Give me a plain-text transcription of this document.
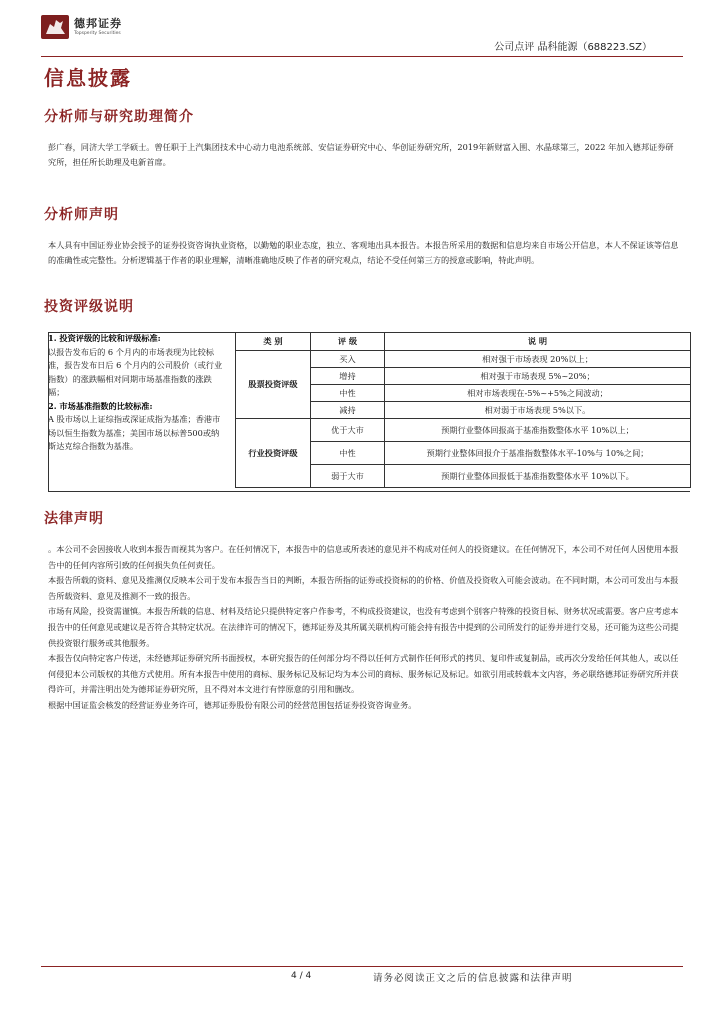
德邦证券
Topsperity Securities
公司点评 晶科能源（688223.SZ）
信息披露
分析师与研究助理简介

彭广春，同济大学工学硕士。曾任职于上汽集团技术中心动力电池系统部、安信证券研究中心、华创证券研究所，2019年新财富入围、水晶球第三，2022 年加入德邦证券研究所，担任所长助理及电新首席。

分析师声明

本人具有中国证券业协会授予的证券投资咨询执业资格，以勤勉的职业态度，独立、客观地出具本报告。本报告所采用的数据和信息均来自市场公开信息，本人不保证该等信息的准确性或完整性。分析逻辑基于作者的职业理解，清晰准确地反映了作者的研究观点，结论不受任何第三方的授意或影响，特此声明。

投资评级说明

1. 投资评级的比较和评级标准:

以报告发布后的 6 个月内的市场表现为比较标准，报告发布日后 6 个月内的公司股价（或行业指数）的涨跌幅相对同期市场基准指数的涨跌幅；

2. 市场基准指数的比较标准:

A 股市场以上证综指或深证成指为基准；香港市场以恒生指数为基准；美国市场以标普500或纳斯达克综合指数为基准。

类 别	评 级	说 明
股票投资评级	买入	相对强于市场表现 20%以上；
	增持	相对强于市场表现 5%~20%；
	中性	相对市场表现在-5%~+5%之间波动；
	减持	相对弱于市场表现 5%以下。
行业投资评级	优于大市	预期行业整体回报高于基准指数整体水平 10%以上；
	中性	预期行业整体回报介于基准指数整体水平-10%与 10%之间；
	弱于大市	预期行业整体回报低于基准指数整体水平 10%以下。
法律声明

。本公司不会因接收人收到本报告而视其为客户。在任何情况下，本报告中的信息或所表述的意见并不构成对任何人的投资建议。在任何情况下，本公司不对任何人因使用本报告中的任何内容所引致的任何损失负任何责任。

本报告所载的资料、意见及推测仅反映本公司于发布本报告当日的判断，本报告所指的证券或投资标的的价格、价值及投资收入可能会波动。在不同时期，本公司可发出与本报告所载资料、意见及推测不一致的报告。

市场有风险，投资需谨慎。本报告所载的信息、材料及结论只提供特定客户作参考，不构成投资建议，也没有考虑到个别客户特殊的投资目标、财务状况或需要。客户应考虑本报告中的任何意见或建议是否符合其特定状况。在法律许可的情况下，德邦证券及其所属关联机构可能会持有报告中提到的公司所发行的证券并进行交易，还可能为这些公司提供投资银行服务或其他服务。

本报告仅向特定客户传送，未经德邦证券研究所书面授权，本研究报告的任何部分均不得以任何方式制作任何形式的拷贝、复印件或复制品，或再次分发给任何其他人，或以任何侵犯本公司版权的其他方式使用。所有本报告中使用的商标、服务标记及标记均为本公司的商标、服务标记及标记。如欲引用或转载本文内容，务必联络德邦证券研究所并获得许可，并需注明出处为德邦证券研究所，且不得对本文进行有悖原意的引用和删改。

根据中国证监会核发的经营证券业务许可，德邦证券股份有限公司的经营范围包括证券投资咨询业务。

4 / 4	请务必阅读正文之后的信息披露和法律声明
